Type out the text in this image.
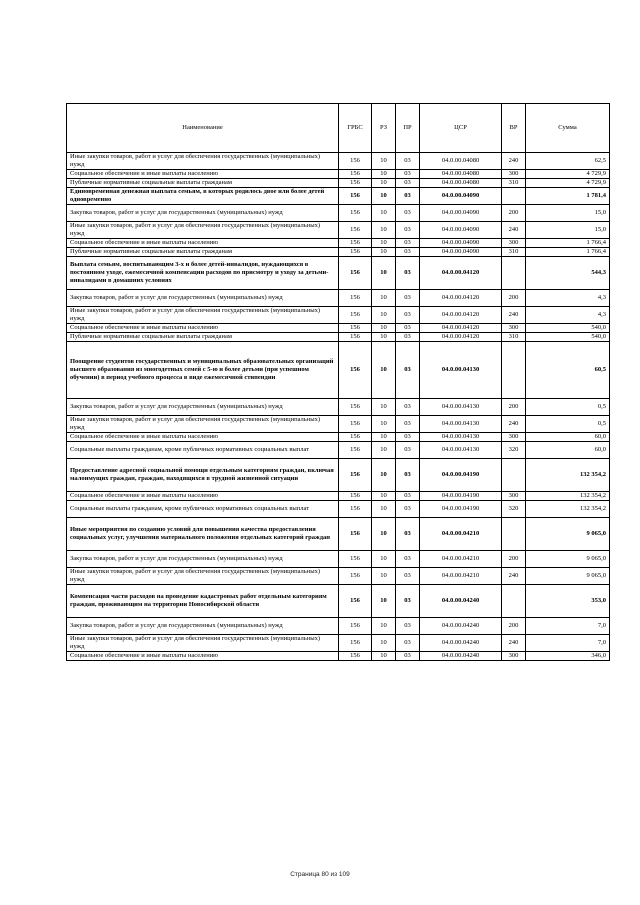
Наименование	ГРБС	РЗ	ПР	ЦСР	ВР	Сумма
Иные закупки товаров, работ и услуг для обеспечения государственных (муниципальных) нужд	156	10	03	04.0.00.04080	240	62,5
Социальное обеспечение и иные выплаты населению	156	10	03	04.0.00.04080	300	4 729,9
Публичные нормативные социальные выплаты гражданам	156	10	03	04.0.00.04080	310	4 729,9
Единовременная денежная выплата семьям, в которых родилось двое или более детей одновременно	156	10	03	04.0.00.04090		1 781,4
Закупка товаров, работ и услуг для государственных (муниципальных) нужд	156	10	03	04.0.00.04090	200	15,0
Иные закупки товаров, работ и услуг для обеспечения государственных (муниципальных) нужд	156	10	03	04.0.00.04090	240	15,0
Социальное обеспечение и иные выплаты населению	156	10	03	04.0.00.04090	300	1 766,4
Публичные нормативные социальные выплаты гражданам	156	10	03	04.0.00.04090	310	1 766,4
Выплата семьям, воспитывающим 3-х и более детей-инвалидов, нуждающихся в постоянном уходе, ежемесячной компенсации расходов по присмотру и уходу за детьми-инвалидами в домашних условиях	156	10	03	04.0.00.04120		544,3
Закупка товаров, работ и услуг для государственных (муниципальных) нужд	156	10	03	04.0.00.04120	200	4,3
Иные закупки товаров, работ и услуг для обеспечения государственных (муниципальных) нужд	156	10	03	04.0.00.04120	240	4,3
Социальное обеспечение и иные выплаты населению	156	10	03	04.0.00.04120	300	540,0
Публичные нормативные социальные выплаты гражданам	156	10	03	04.0.00.04120	310	540,0
Поощрение студентов государственных и муниципальных образовательных организаций высшего образования из многодетных семей с 5-ю и более детьми (при успешном обучении) в период учебного процесса в виде ежемесячной стипендии	156	10	03	04.0.00.04130		60,5
Закупка товаров, работ и услуг для государственных (муниципальных) нужд	156	10	03	04.0.00.04130	200	0,5
Иные закупки товаров, работ и услуг для обеспечения государственных (муниципальных) нужд	156	10	03	04.0.00.04130	240	0,5
Социальное обеспечение и иные выплаты населению	156	10	03	04.0.00.04130	300	60,0
Социальные выплаты гражданам, кроме публичных нормативных социальных выплат	156	10	03	04.0.00.04130	320	60,0
Предоставление адресной социальной помощи отдельным категориям граждан, включая малоимущих граждан, граждан, находящихся в трудной жизненной ситуации	156	10	03	04.0.00.04190		132 354,2
Социальное обеспечение и иные выплаты населению	156	10	03	04.0.00.04190	300	132 354,2
Социальные выплаты гражданам, кроме публичных нормативных социальных выплат	156	10	03	04.0.00.04190	320	132 354,2
Иные мероприятия по созданию условий для повышения качества предоставления социальных услуг, улучшения материального положения отдельных категорий граждан	156	10	03	04.0.00.04210		9 065,0
Закупка товаров, работ и услуг для государственных (муниципальных) нужд	156	10	03	04.0.00.04210	200	9 065,0
Иные закупки товаров, работ и услуг для обеспечения государственных (муниципальных) нужд	156	10	03	04.0.00.04210	240	9 065,0
Компенсация части расходов на проведение кадастровых работ отдельным категориям граждан, проживающим на территории Новосибирской области	156	10	03	04.0.00.04240		353,0
Закупка товаров, работ и услуг для государственных (муниципальных) нужд	156	10	03	04.0.00.04240	200	7,0
Иные закупки товаров, работ и услуг для обеспечения государственных (муниципальных) нужд	156	10	03	04.0.00.04240	240	7,0
Социальное обеспечение и иные выплаты населению	156	10	03	04.0.00.04240	300	346,0
Страница 80 из 109
